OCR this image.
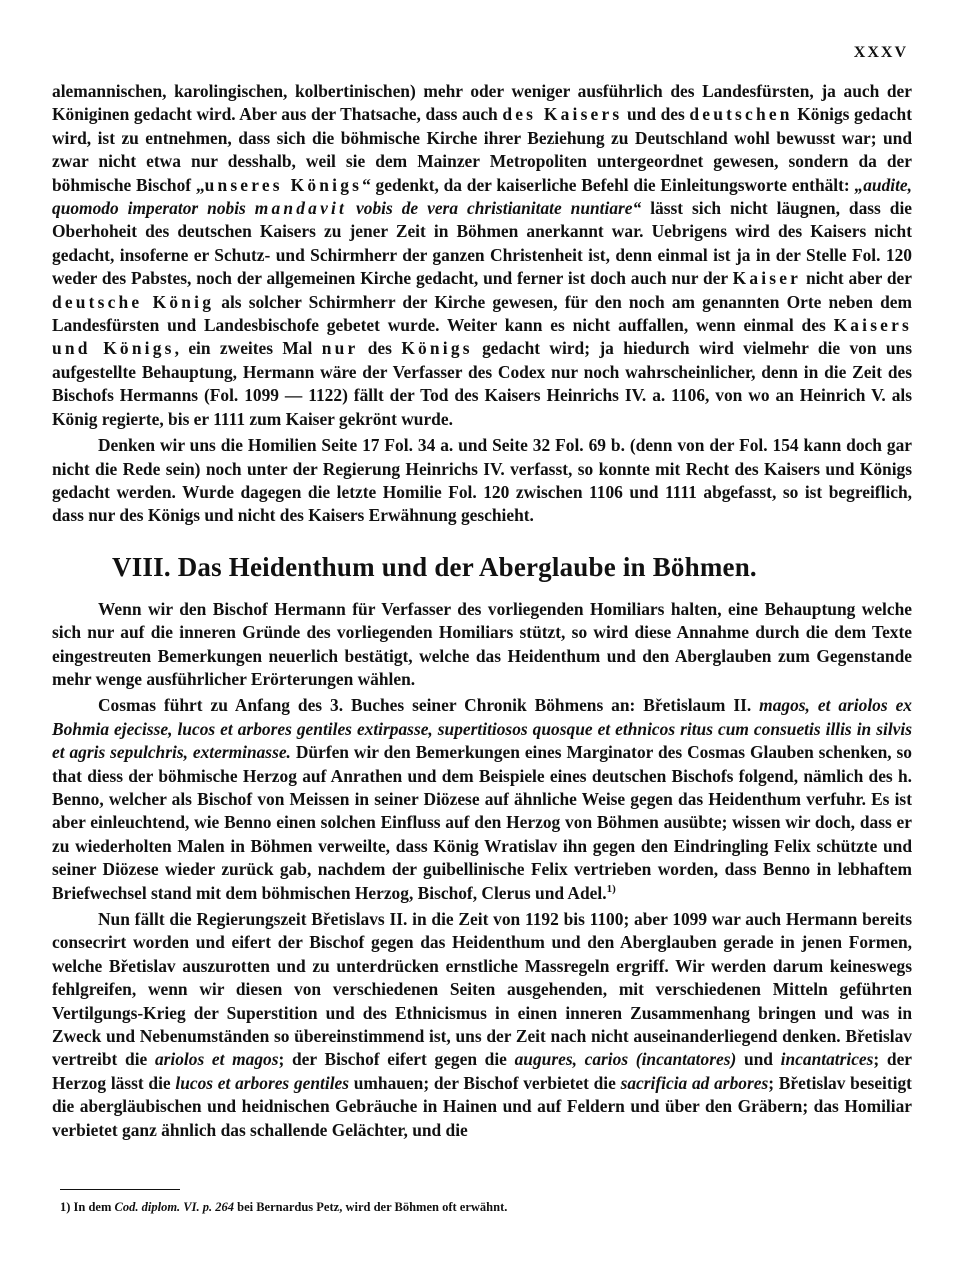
XXXV

alemannischen, karolingischen, kolbertinischen) mehr oder weniger ausführlich des Landesfürsten, ja auch der Königinen gedacht wird. Aber aus der Thatsache, dass auch des Kaisers und des deutschen Königs gedacht wird, ist zu entnehmen, dass sich die böhmische Kirche ihrer Beziehung zu Deutschland wohl bewusst war; und zwar nicht etwa nur desshalb, weil sie dem Mainzer Metropoliten untergeordnet gewesen, sondern da der böhmische Bischof „unseres Königs“ gedenkt, da der kaiserliche Befehl die Einleitungsworte enthält: „audite, quomodo imperator nobis mandavit vobis de vera christianitate nuntiare“ lässt sich nicht läugnen, dass die Oberhoheit des deutschen Kaisers zu jener Zeit in Böhmen anerkannt war. Uebrigens wird des Kaisers nicht gedacht, insoferne er Schutz- und Schirmherr der ganzen Christenheit ist, denn einmal ist ja in der Stelle Fol. 120 weder des Pabstes, noch der allgemeinen Kirche gedacht, und ferner ist doch auch nur der Kaiser nicht aber der deutsche König als solcher Schirmherr der Kirche gewesen, für den noch am genannten Orte neben dem Landesfürsten und Landesbischofe gebetet wurde. Weiter kann es nicht auffallen, wenn einmal des Kaisers und Königs, ein zweites Mal nur des Königs gedacht wird; ja hiedurch wird vielmehr die von uns aufgestellte Behauptung, Hermann wäre der Verfasser des Codex nur noch wahrscheinlicher, denn in die Zeit des Bischofs Hermanns (Fol. 1099 — 1122) fällt der Tod des Kaisers Heinrichs IV. a. 1106, von wo an Heinrich V. als König regierte, bis er 1111 zum Kaiser gekrönt wurde.

Denken wir uns die Homilien Seite 17 Fol. 34 a. und Seite 32 Fol. 69 b. (denn von der Fol. 154 kann doch gar nicht die Rede sein) noch unter der Regierung Heinrichs IV. verfasst, so konnte mit Recht des Kaisers und Königs gedacht werden. Wurde dagegen die letzte Homilie Fol. 120 zwischen 1106 und 1111 abgefasst, so ist begreiflich, dass nur des Königs und nicht des Kaisers Erwähnung geschieht.

VIII. Das Heidenthum und der Aberglaube in Böhmen.

Wenn wir den Bischof Hermann für Verfasser des vorliegenden Homiliars halten, eine Behauptung welche sich nur auf die inneren Gründe des vorliegenden Homiliars stützt, so wird diese Annahme durch die dem Texte eingestreuten Bemerkungen neuerlich bestätigt, welche das Heidenthum und den Aberglauben zum Gegenstande mehr wenge ausführlicher Erörterungen wählen.

Cosmas führt zu Anfang des 3. Buches seiner Chronik Böhmens an: Břetislaum II. magos, et ariolos ex Bohmia ejecisse, lucos et arbores gentiles extirpasse, supertitiosos quosque et ethnicos ritus cum consuetis illis in silvis et agris sepulchris, exterminasse. Dürfen wir den Bemerkungen eines Marginator des Cosmas Glauben schenken, so that diess der böhmische Herzog auf Anrathen und dem Beispiele eines deutschen Bischofs folgend, nämlich des h. Benno, welcher als Bischof von Meissen in seiner Diözese auf ähnliche Weise gegen das Heidenthum verfuhr. Es ist aber einleuchtend, wie Benno einen solchen Einfluss auf den Herzog von Böhmen ausübte; wissen wir doch, dass er zu wiederholten Malen in Böhmen verweilte, dass König Wratislav ihn gegen den Eindringling Felix schützte und seiner Diözese wieder zurück gab, nachdem der guibellinische Felix vertrieben worden, dass Benno in lebhaftem Briefwechsel stand mit dem böhmischen Herzog, Bischof, Clerus und Adel.$^{1)}$

Nun fällt die Regierungszeit Břetislavs II. in die Zeit von 1192 bis 1100; aber 1099 war auch Hermann bereits consecrirt worden und eifert der Bischof gegen das Heidenthum und den Aberglauben gerade in jenen Formen, welche Břetislav auszurotten und zu unterdrücken ernstliche Massregeln ergriff. Wir werden darum keineswegs fehlgreifen, wenn wir diesen von verschiedenen Seiten ausgehenden, mit verschiedenen Mitteln geführten Vertilgungs-Krieg der Superstition und des Ethnicismus in einen inneren Zusammenhang bringen und was in Zweck und Nebenumständen so übereinstimmend ist, uns der Zeit nach nicht auseinanderliegend denken. Břetislav vertreibt die ariolos et magos; der Bischof eifert gegen die augures, carios (incantatores) und incantatrices; der Herzog lässt die lucos et arbores gentiles umhauen; der Bischof verbietet die sacrificia ad arbores; Břetislav beseitigt die abergläubischen und heidnischen Gebräuche in Hainen und auf Feldern und über den Gräbern; das Homiliar verbietet ganz ähnlich das schallende Gelächter, und die

1) In dem Cod. diplom. VI. p. 264 bei Bernardus Petz, wird der Böhmen oft erwähnt.
